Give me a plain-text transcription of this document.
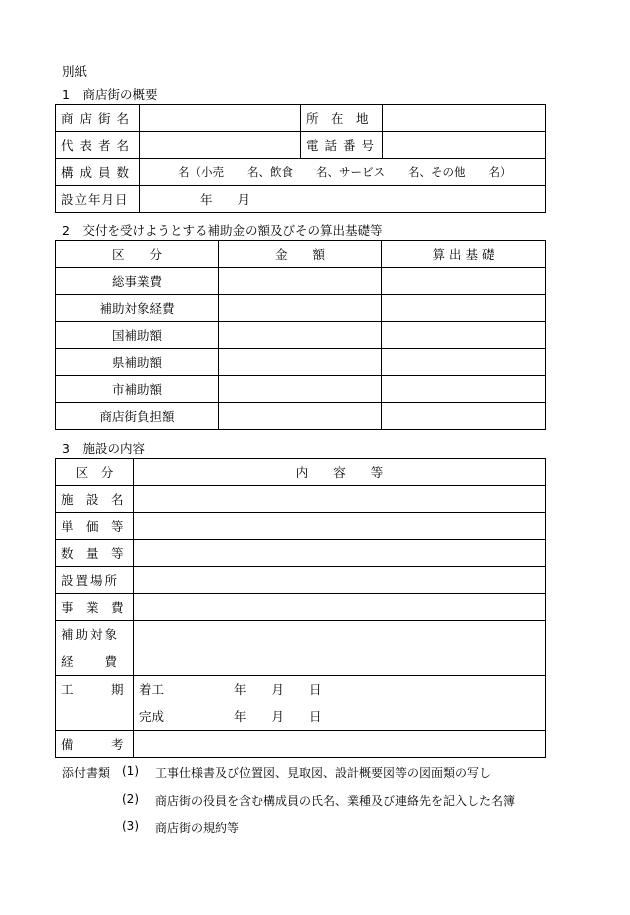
別紙
1　商店街の概要
商店街名		所　在　地	
代表者名		電話番号	
構成員数	名（小売　　名、飲食　　名、サービス　　名、その他　　名）		
設立年月日	年　　月		
2　交付を受けようとする補助金の額及びその算出基礎等
区　　分	金　　額	算 出 基 礎
総事業費		
補助対象経費		
国補助額		
県補助額		
市補助額		
商店街負担額		
3　施設の内容
区　分	内　　容　　等
施　設　名	
単　価　等	
数　量　等	
設置場所	
事　業　費	

補助対象
経　　費	

工　　　期	着工 年　　月　　日
完成 年　　月　　日

備　　　考	
添付書類 (1) 工事仕様書及び位置図、見取図、設計概要図等の図面類の写し
(2) 商店街の役員を含む構成員の氏名、業種及び連絡先を記入した名簿
(3) 商店街の規約等
